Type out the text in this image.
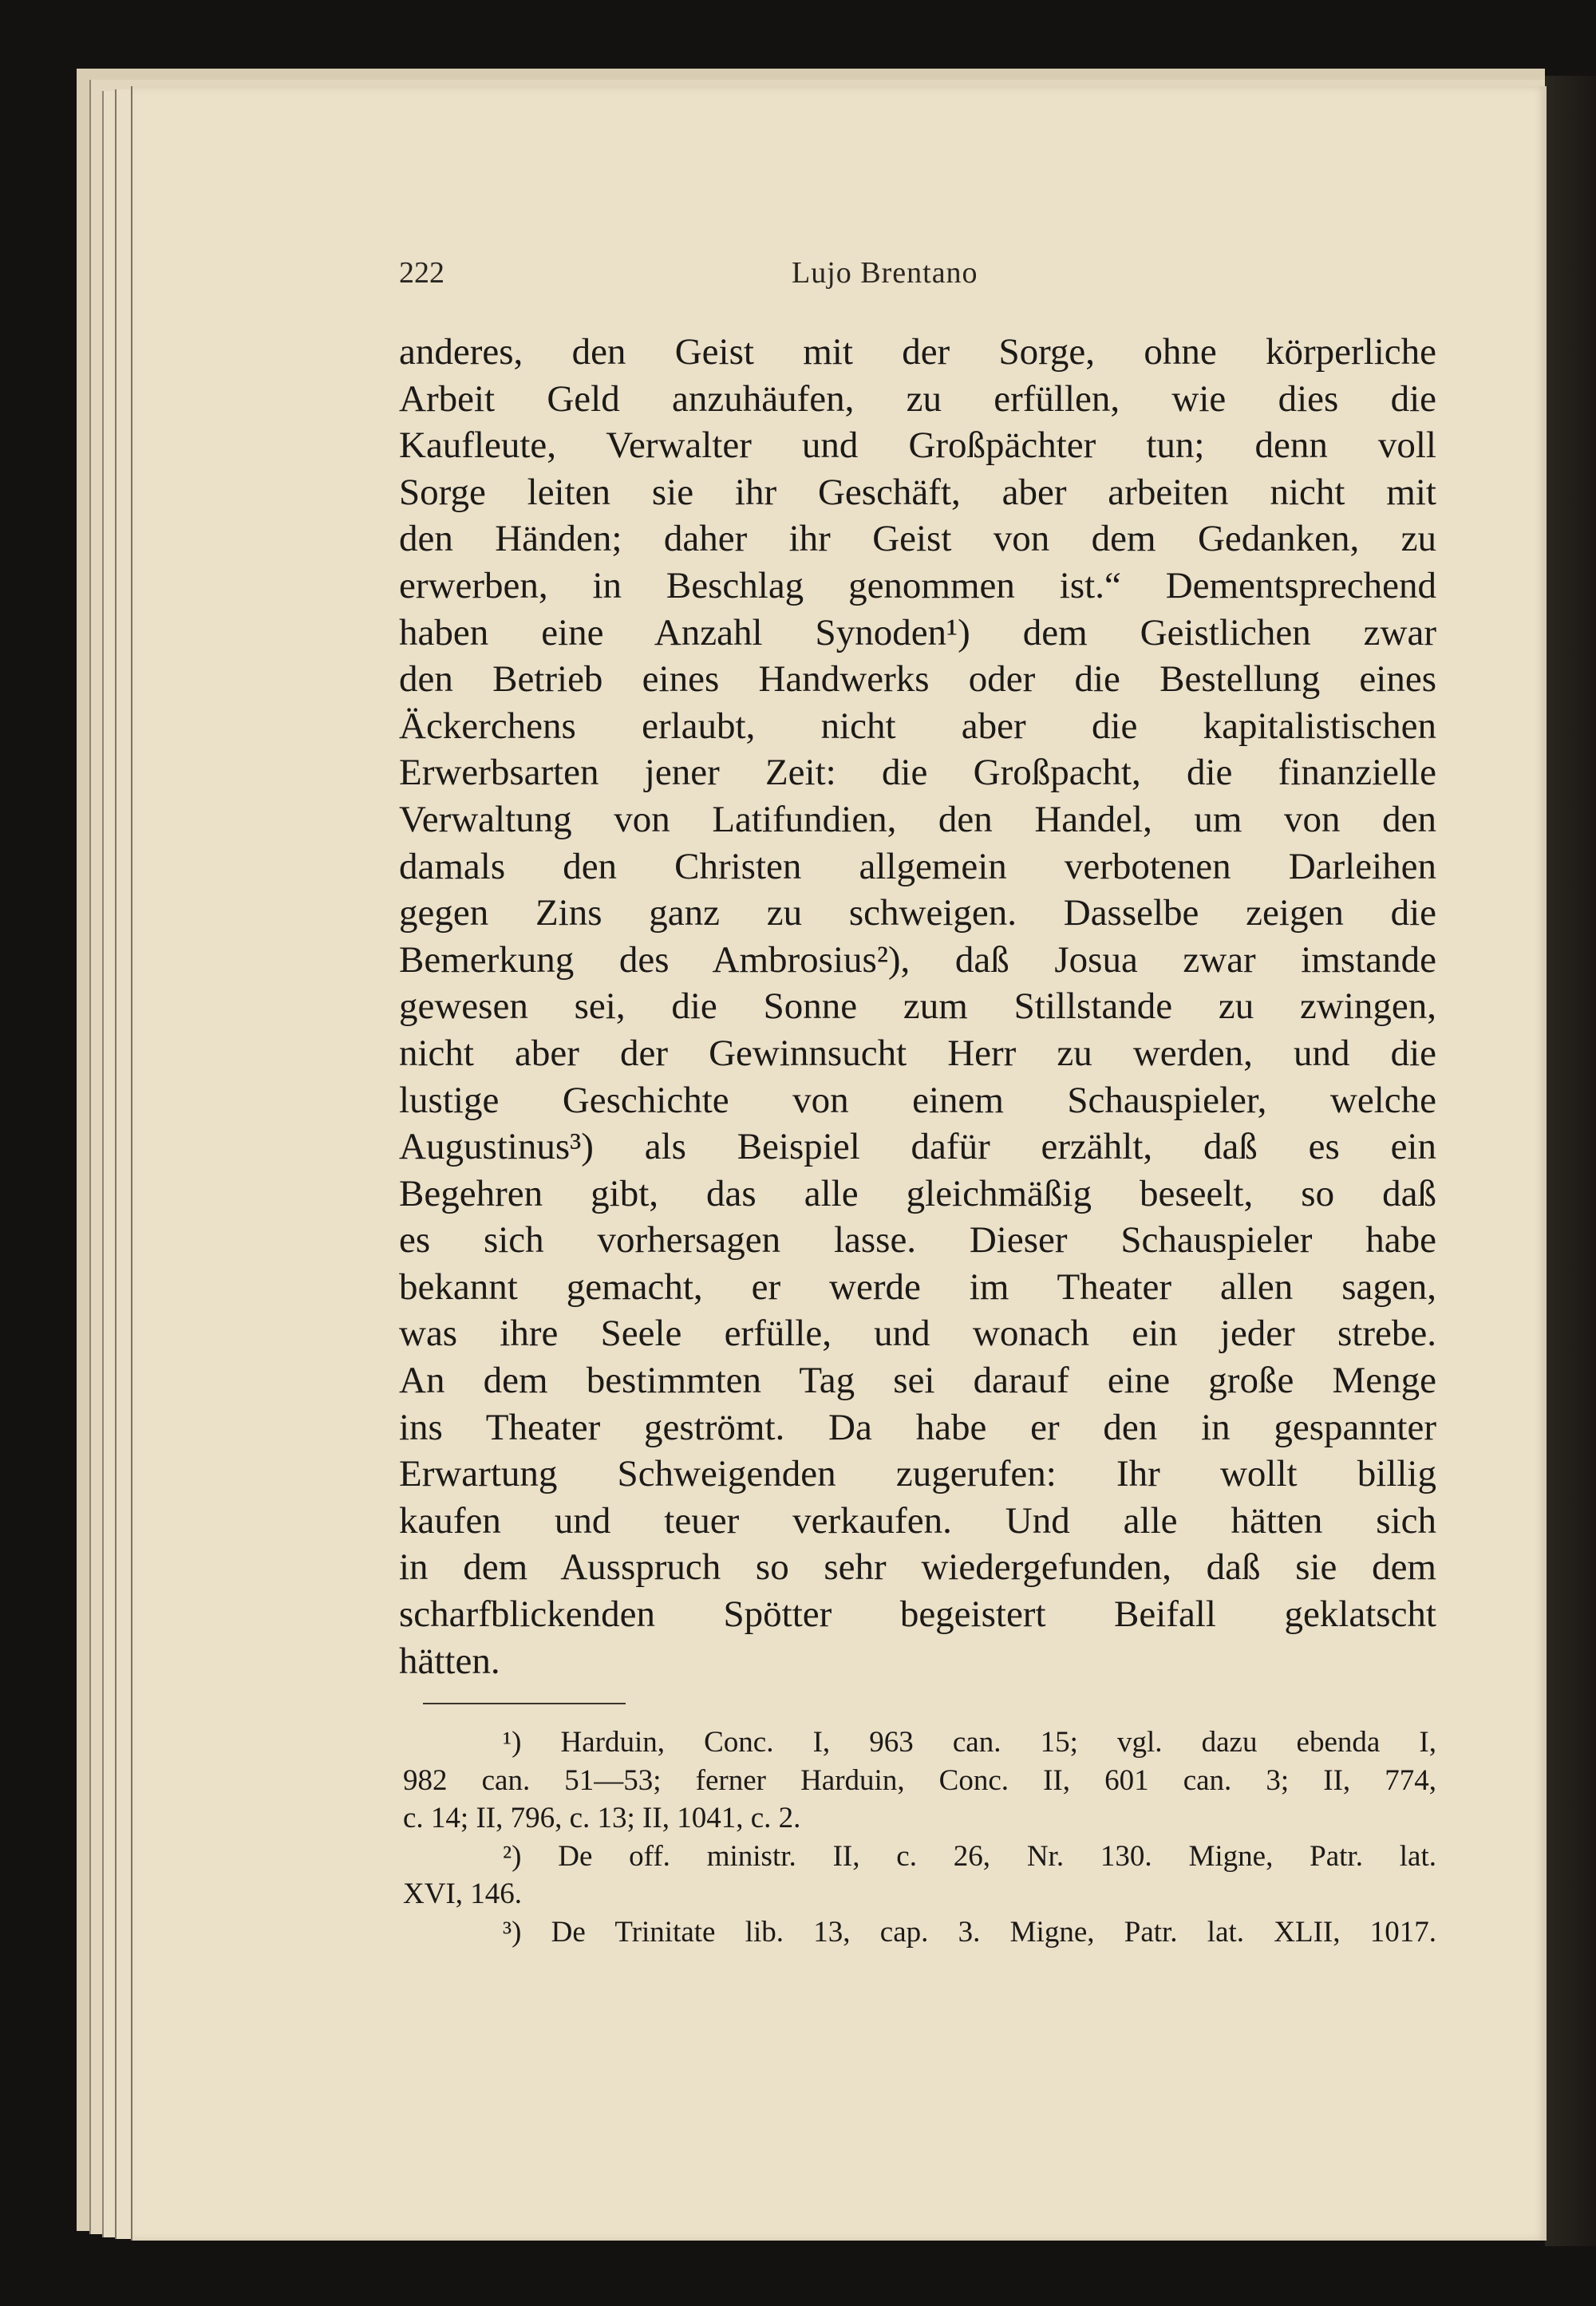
222	Lujo Brentano
anderes, den Geist mit der Sorge, ohne körperliche
Arbeit Geld anzuhäufen, zu erfüllen, wie dies die
Kaufleute, Verwalter und Großpächter tun; denn voll
Sorge leiten sie ihr Geschäft, aber arbeiten nicht mit
den Händen; daher ihr Geist von dem Gedanken, zu
erwerben, in Beschlag genommen ist.“ Dementsprechend
haben eine Anzahl Synoden¹) dem Geistlichen zwar
den Betrieb eines Handwerks oder die Bestellung eines
Äckerchens erlaubt, nicht aber die kapitalistischen
Erwerbsarten jener Zeit: die Großpacht, die finanzielle
Verwaltung von Latifundien, den Handel, um von den
damals den Christen allgemein verbotenen Darleihen
gegen Zins ganz zu schweigen. Dasselbe zeigen die
Bemerkung des Ambrosius²), daß Josua zwar imstande
gewesen sei, die Sonne zum Stillstande zu zwingen,
nicht aber der Gewinnsucht Herr zu werden, und die
lustige Geschichte von einem Schauspieler, welche
Augustinus³) als Beispiel dafür erzählt, daß es ein
Begehren gibt, das alle gleichmäßig beseelt, so daß
es sich vorhersagen lasse. Dieser Schauspieler habe
bekannt gemacht, er werde im Theater allen sagen,
was ihre Seele erfülle, und wonach ein jeder strebe.
An dem bestimmten Tag sei darauf eine große Menge
ins Theater geströmt. Da habe er den in gespannter
Erwartung Schweigenden zugerufen: Ihr wollt billig
kaufen und teuer verkaufen. Und alle hätten sich
in dem Ausspruch so sehr wiedergefunden, daß sie dem
scharfblickenden Spötter begeistert Beifall geklatscht
hätten.
¹) Harduin, Conc. I, 963 can. 15; vgl. dazu ebenda I,
982 can. 51—53; ferner Harduin, Conc. II, 601 can. 3; II, 774,
c. 14; II, 796, c. 13; II, 1041, c. 2.
²) De off. ministr. II, c. 26, Nr. 130. Migne, Patr. lat.
XVI, 146.
³) De Trinitate lib. 13, cap. 3. Migne, Patr. lat. XLII, 1017.
